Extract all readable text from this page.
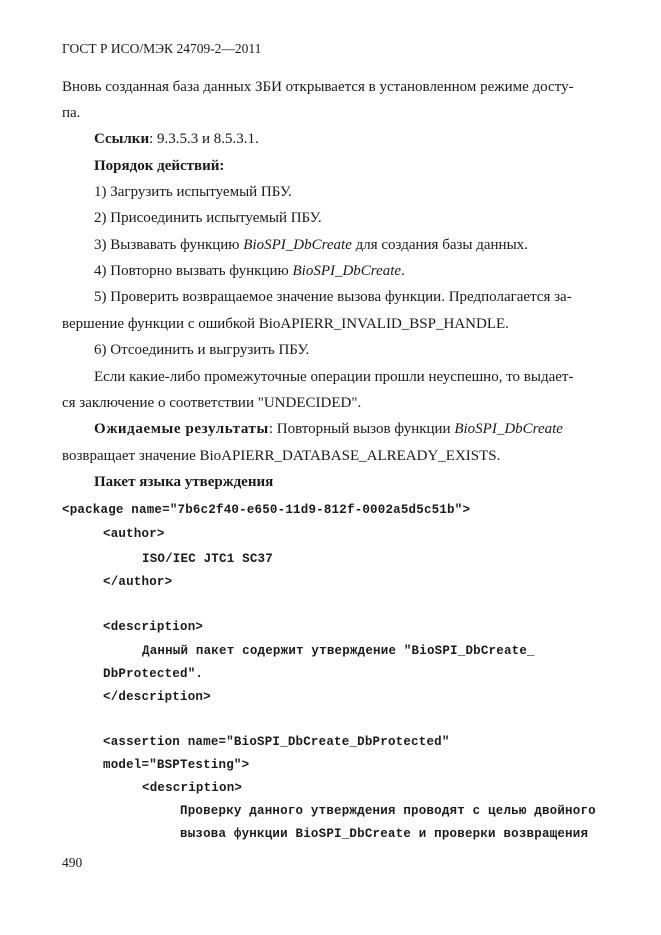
ГОСТ Р ИСО/МЭК 24709-2—2011
Вновь созданная база данных ЗБИ открывается в установленном режиме досту-
па.
Ссылки: 9.3.5.3 и 8.5.3.1.
Порядок действий:
1) Загрузить испытуемый ПБУ.
2) Присоединить испытуемый ПБУ.
3) Вызвавать функцию BioSPI_DbCreate для создания базы данных.
4) Повторно вызвать функцию BioSPI_DbCreate.
5) Проверить возвращаемое значение вызова функции. Предполагается за-
вершение функции с ошибкой BioAPIERR_INVALID_BSP_HANDLE.
6) Отсоединить и выгрузить ПБУ.
Если какие-либо промежуточные операции прошли неуспешно, то выдает-
ся заключение о соответствии "UNDECIDED".
Ожидаемые результаты: Повторный вызов функции BioSPI_DbCreate
возвращает значение BioAPIERR_DATABASE_ALREADY_EXISTS.
Пакет языка утверждения
<package name="7b6c2f40-e650-11d9-812f-0002a5d5c51b">
<author>
ISO/IEC JTC1 SC37
</author>
<description>
Данный пакет содержит утверждение "BioSPI_DbCreate_
DbProtected".
</description>
<assertion name="BioSPI_DbCreate_DbProtected"
model="BSPTesting">
<description>
Проверку данного утверждения проводят с целью двойного
вызова функции BioSPI_DbCreate и проверки возвращения
490
